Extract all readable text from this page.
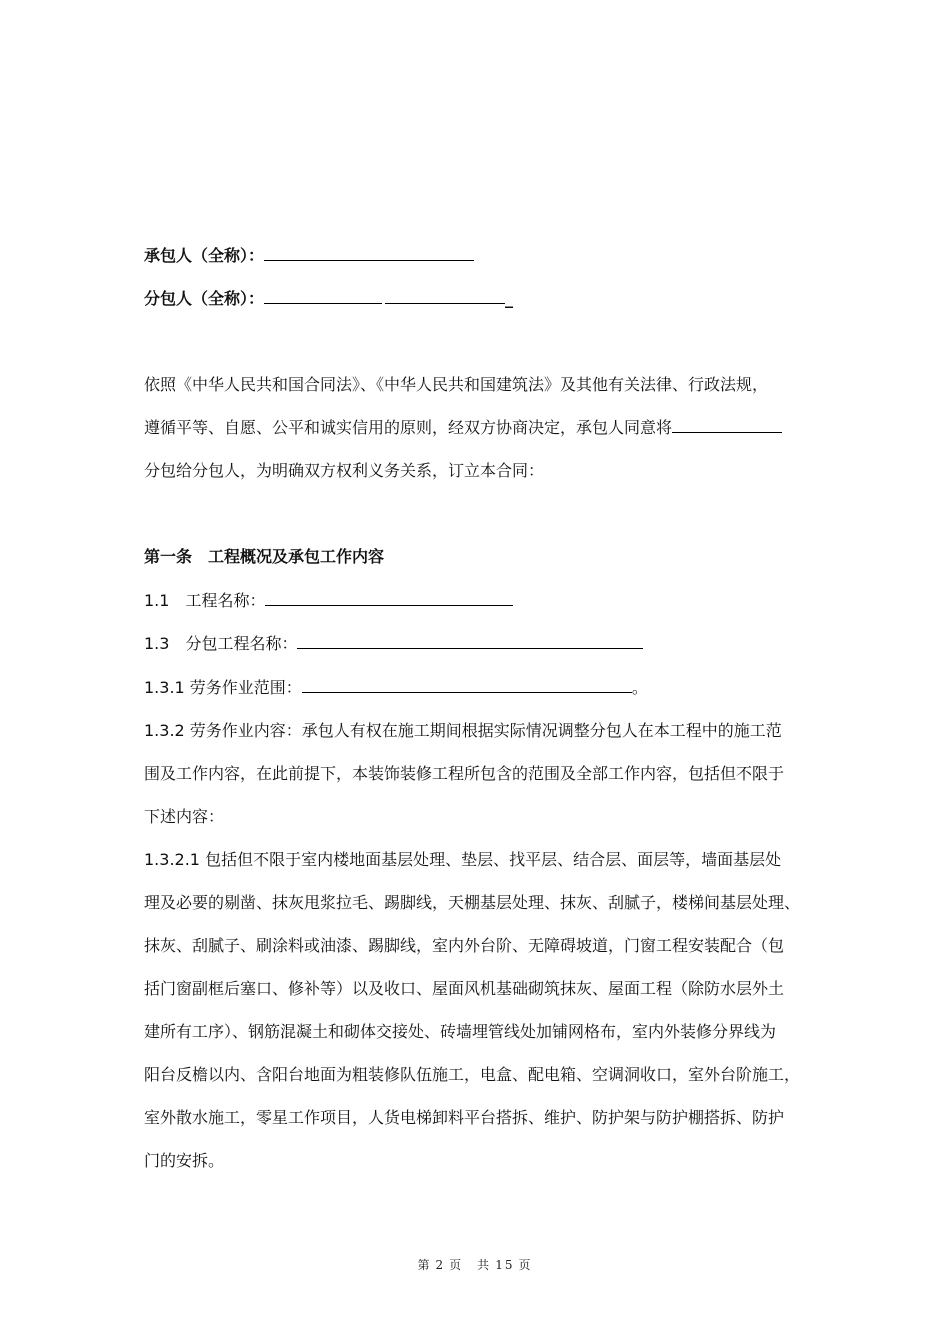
承包人（全称）：
分包人（全称）：	_
依照《中华人民共和国合同法》、《中华人民共和国建筑法》及其他有关法律、行政法规，
遵循平等、自愿、公平和诚实信用的原则，经双方协商决定，承包人同意将
分包给分包人，为明确双方权利义务关系，订立本合同：
第一条　工程概况及承包工作内容
1.1　工程名称：
1.3　分包工程名称：
1.3.1 劳务作业范围：	。
1.3.2 劳务作业内容：承包人有权在施工期间根据实际情况调整分包人在本工程中的施工范
围及工作内容，在此前提下，本装饰装修工程所包含的范围及全部工作内容，包括但不限于
下述内容：
1.3.2.1 包括但不限于室内楼地面基层处理、垫层、找平层、结合层、面层等，墙面基层处
理及必要的剔凿、抹灰甩浆拉毛、踢脚线，天棚基层处理、抹灰、刮腻子，楼梯间基层处理、
抹灰、刮腻子、刷涂料或油漆、踢脚线，室内外台阶、无障碍坡道，门窗工程安装配合（包
括门窗副框后塞口、修补等）以及收口、屋面风机基础砌筑抹灰、屋面工程（除防水层外土
建所有工序）、钢筋混凝土和砌体交接处、砖墙埋管线处加铺网格布，室内外装修分界线为
阳台反檐以内、含阳台地面为粗装修队伍施工，电盒、配电箱、空调洞收口，室外台阶施工，
室外散水施工，零星工作项目，人货电梯卸料平台搭拆、维护、防护架与防护棚搭拆、防护
门的安拆。
第 2 页　共 15 页
